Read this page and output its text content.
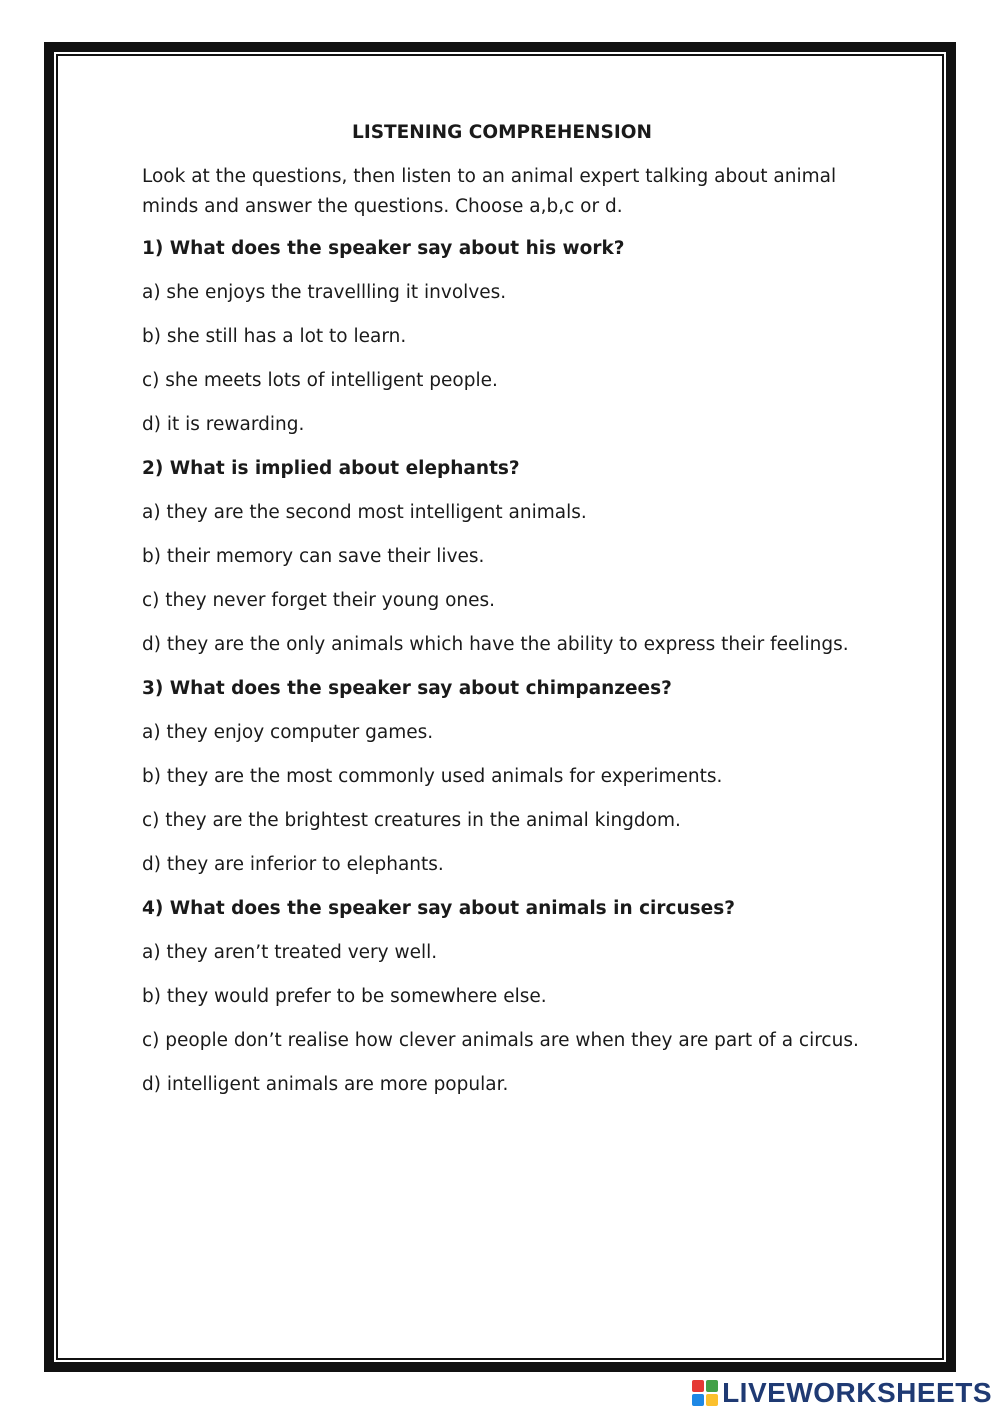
LISTENING COMPREHENSION
Look at the questions, then listen to an animal expert talking about animal minds and answer the questions. Choose a,b,c or d.
1) What does the speaker say about his work?
a) she enjoys the travellling it involves.
b) she still has a lot to learn.
c) she meets lots of intelligent people.
d) it is rewarding.
2) What is implied about elephants?
a) they are the second most intelligent animals.
b) their memory can save their lives.
c) they never forget their young ones.
d) they are the only animals which have the ability to express their feelings.
3) What does the speaker say about chimpanzees?
a) they enjoy computer games.
b) they are the most commonly used animals for experiments.
c) they are the brightest creatures in the animal kingdom.
d) they are inferior to elephants.
4) What does the speaker say about animals in circuses?
a) they aren’t treated very well.
b) they would prefer to be somewhere else.
c) people don’t realise how clever animals are when they are part of a circus.
d) intelligent animals are more popular.
LIVEWORKSHEETS
